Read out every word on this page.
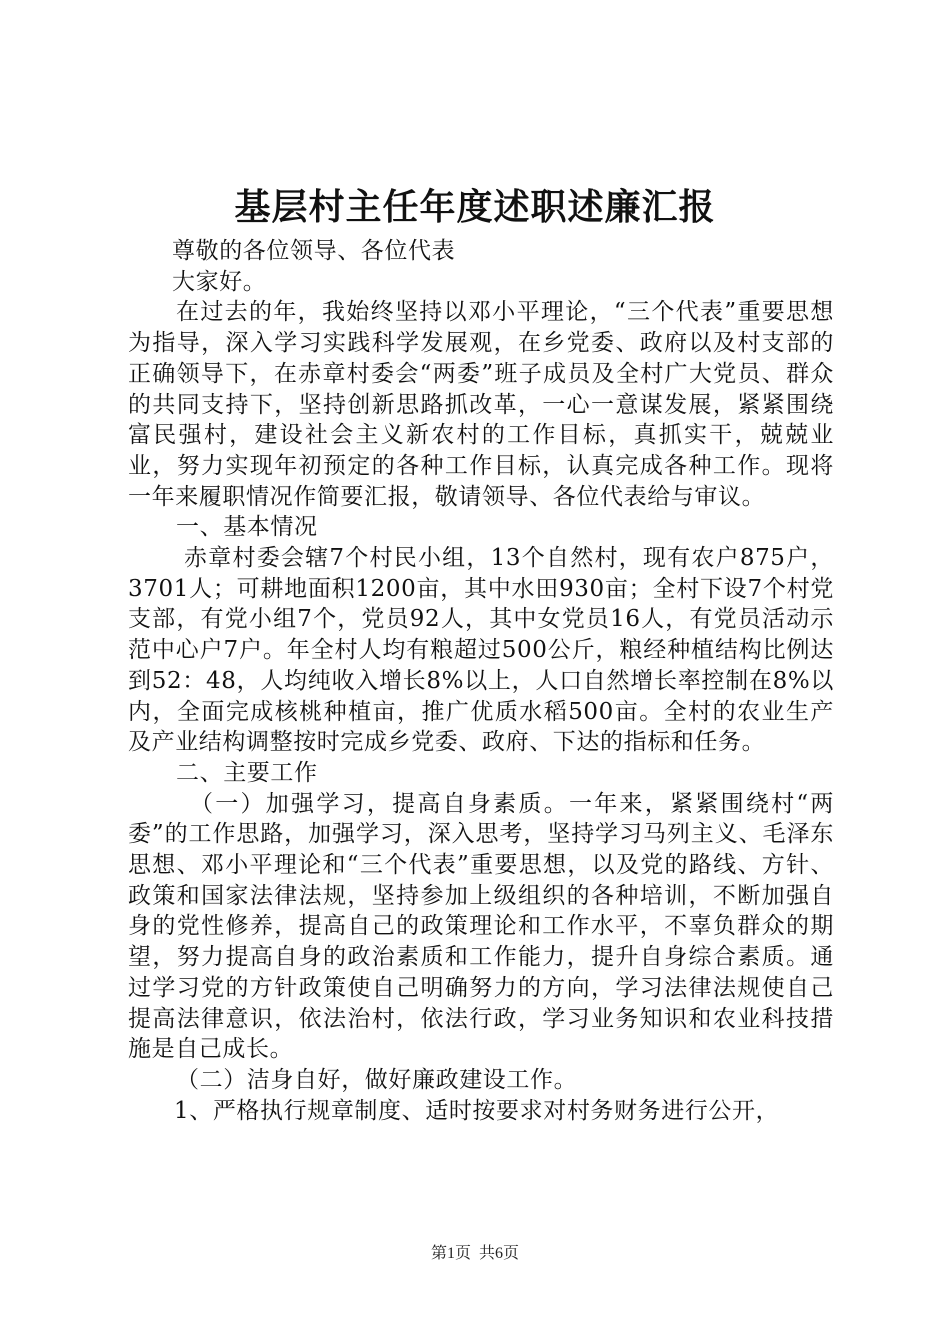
基层村主任年度述职述廉汇报

尊敬的各位领导、各位代表

大家好。

在过去的年，我始终坚持以邓小平理论，“三个代表”重要思想为指导，深入学习实践科学发展观，在乡党委、政府以及村支部的正确领导下，在赤章村委会“两委”班子成员及全村广大党员、群众的共同支持下，坚持创新思路抓改革，一心一意谋发展，紧紧围绕富民强村，建设社会主义新农村的工作目标，真抓实干，兢兢业业，努力实现年初预定的各种工作目标，认真完成各种工作。现将一年来履职情况作简要汇报，敬请领导、各位代表给与审议。

一、基本情况

赤章村委会辖7个村民小组，13个自然村，现有农户875户，3701人；可耕地面积1200亩，其中水田930亩；全村下设7个村党支部，有党小组7个，党员92人，其中女党员16人，有党员活动示范中心户7户。年全村人均有粮超过500公斤，粮经种植结构比例达到52：48，人均纯收入增长8%以上，人口自然增长率控制在8%以内，全面完成核桃种植亩，推广优质水稻500亩。全村的农业生产及产业结构调整按时完成乡党委、政府、下达的指标和任务。

二、主要工作

（一）加强学习，提高自身素质。一年来，紧紧围绕村“两委”的工作思路，加强学习，深入思考，坚持学习马列主义、毛泽东思想、邓小平理论和“三个代表”重要思想，以及党的路线、方针、政策和国家法律法规，坚持参加上级组织的各种培训，不断加强自身的党性修养，提高自己的政策理论和工作水平，不辜负群众的期望，努力提高自身的政治素质和工作能力，提升自身综合素质。通过学习党的方针政策使自己明确努力的方向，学习法律法规使自己提高法律意识，依法治村，依法行政，学习业务知识和农业科技措施是自己成长。

（二）洁身自好，做好廉政建设工作。

1、严格执行规章制度、适时按要求对村务财务进行公开，

第1页 共6页
